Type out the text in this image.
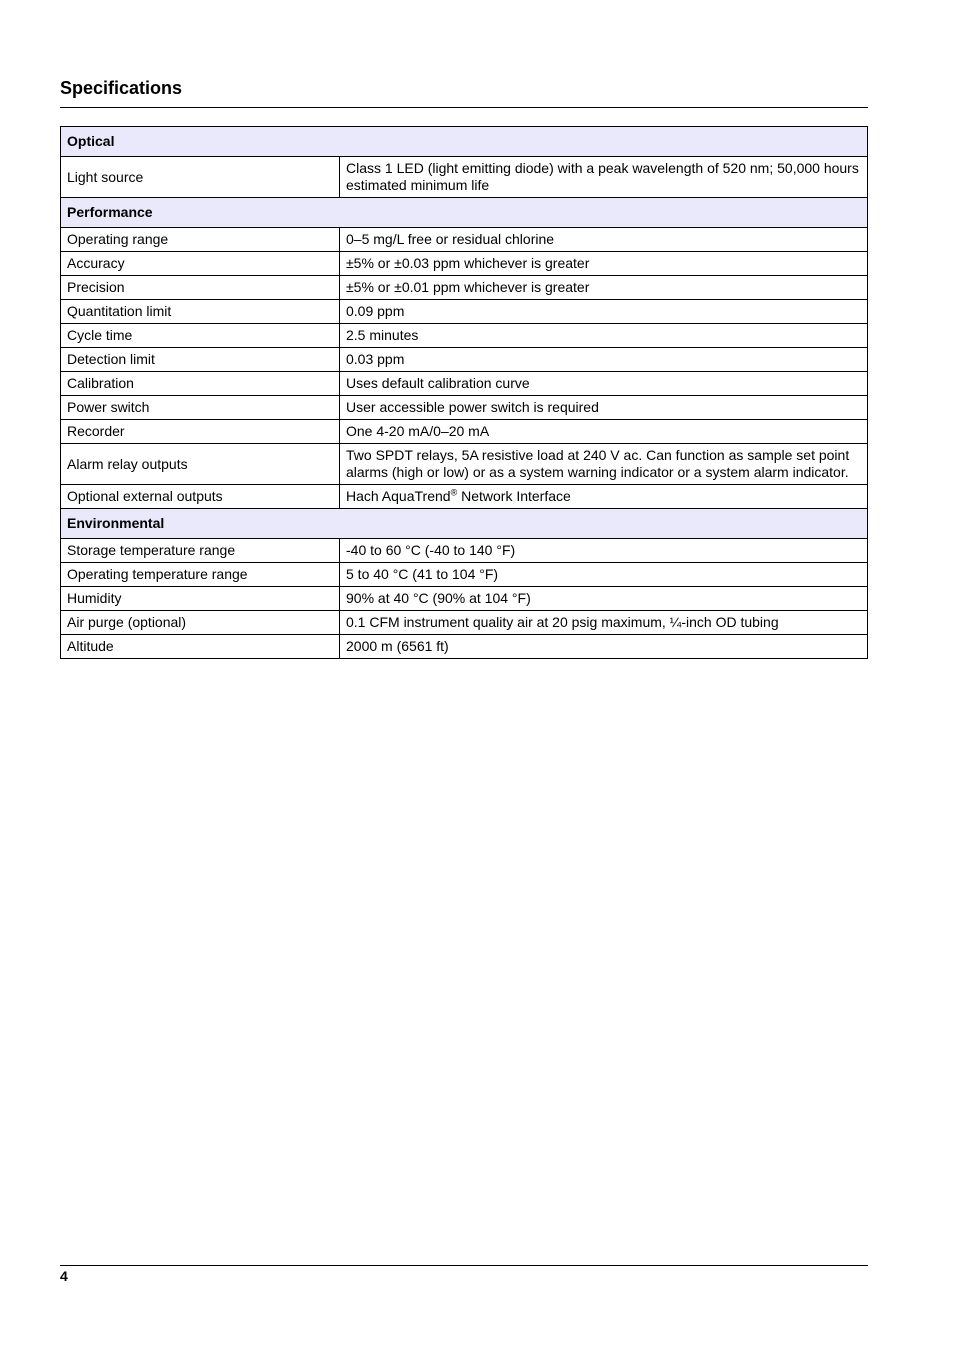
Specifications
Optical	
Light source	Class 1 LED (light emitting diode) with a peak wavelength of 520 nm; 50,000 hours estimated minimum life
Performance	
Operating range	0–5 mg/L free or residual chlorine
Accuracy	±5% or ±0.03 ppm whichever is greater
Precision	±5% or ±0.01 ppm whichever is greater
Quantitation limit	0.09 ppm
Cycle time	2.5 minutes
Detection limit	0.03 ppm
Calibration	Uses default calibration curve
Power switch	User accessible power switch is required
Recorder	One 4-20 mA/0–20 mA
Alarm relay outputs	Two SPDT relays, 5A resistive load at 240 V ac. Can function as sample set point alarms (high or low) or as a system warning indicator or a system alarm indicator.
Optional external outputs	Hach AquaTrend® Network Interface
Environmental	
Storage temperature range	-40 to 60 °C (-40 to 140 °F)
Operating temperature range	5 to 40 °C (41 to 104 °F)
Humidity	90% at 40 °C (90% at 104 °F)
Air purge (optional)	0.1 CFM instrument quality air at 20 psig maximum, ¼-inch OD tubing
Altitude	2000 m (6561 ft)
4
